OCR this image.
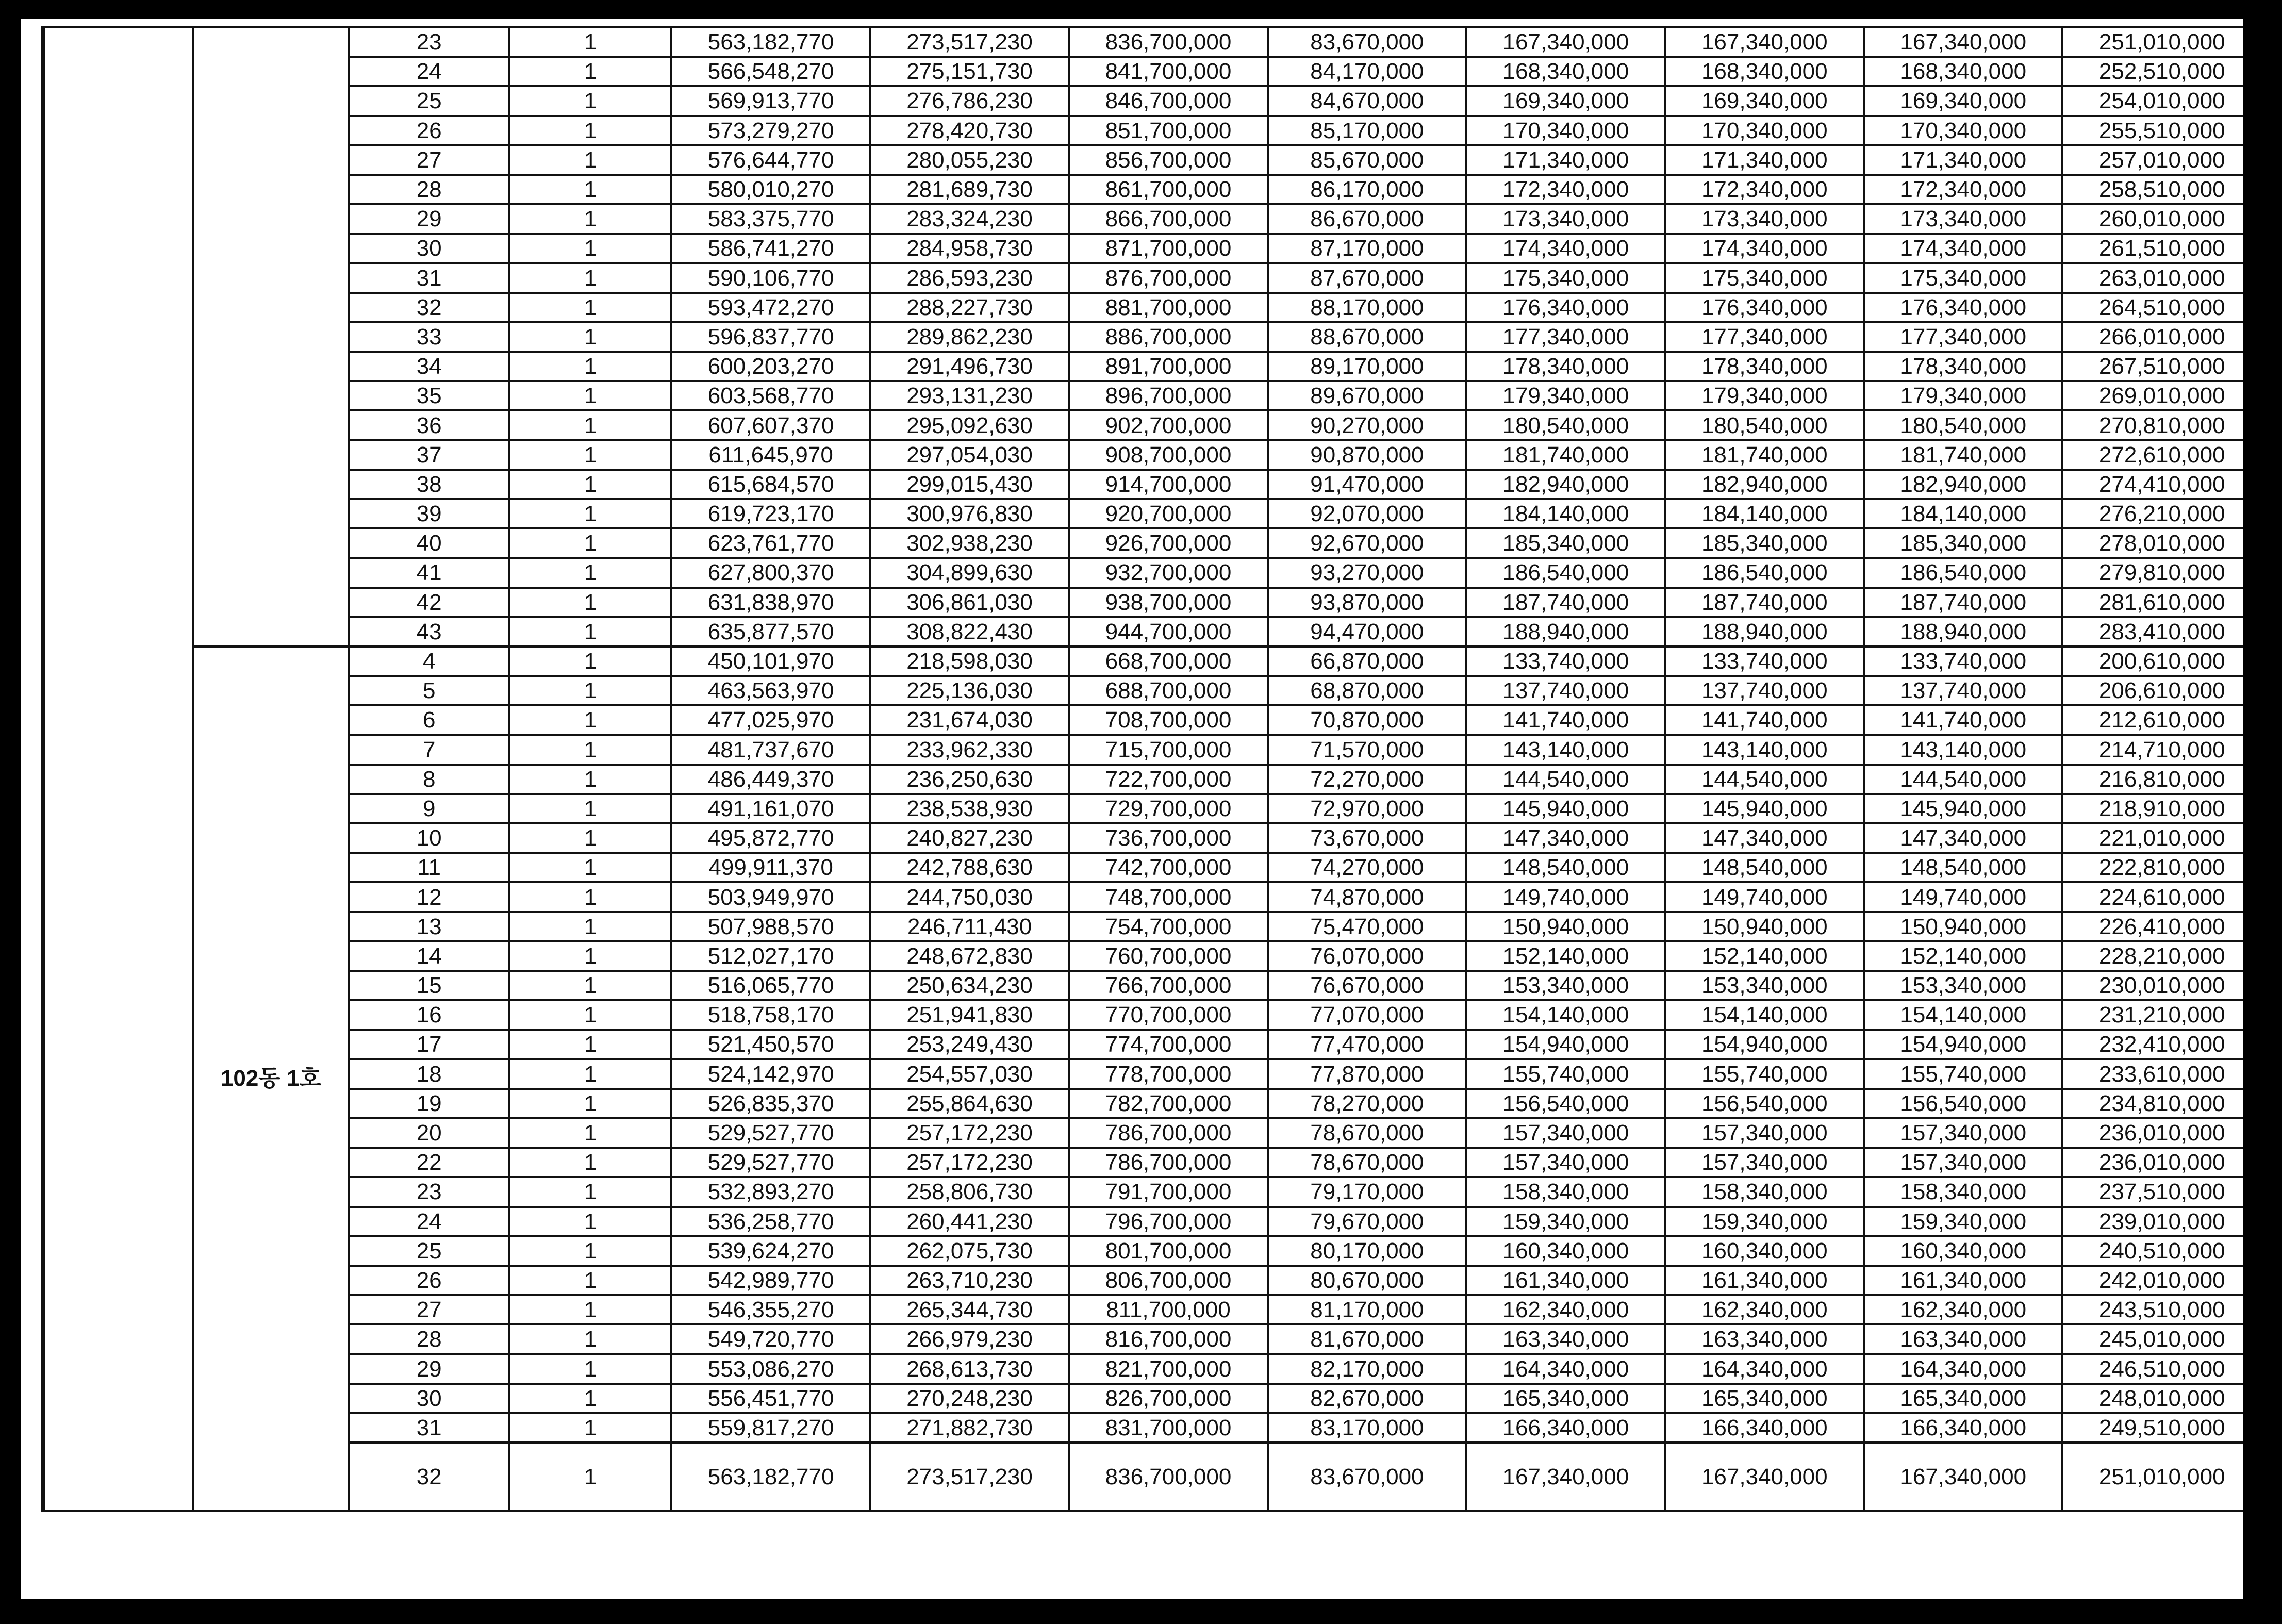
		23	1	563,182,770	273,517,230	836,700,000	83,670,000	167,340,000	167,340,000	167,340,000	251,010,000
		24	1	566,548,270	275,151,730	841,700,000	84,170,000	168,340,000	168,340,000	168,340,000	252,510,000
		25	1	569,913,770	276,786,230	846,700,000	84,670,000	169,340,000	169,340,000	169,340,000	254,010,000
		26	1	573,279,270	278,420,730	851,700,000	85,170,000	170,340,000	170,340,000	170,340,000	255,510,000
		27	1	576,644,770	280,055,230	856,700,000	85,670,000	171,340,000	171,340,000	171,340,000	257,010,000
		28	1	580,010,270	281,689,730	861,700,000	86,170,000	172,340,000	172,340,000	172,340,000	258,510,000
		29	1	583,375,770	283,324,230	866,700,000	86,670,000	173,340,000	173,340,000	173,340,000	260,010,000
		30	1	586,741,270	284,958,730	871,700,000	87,170,000	174,340,000	174,340,000	174,340,000	261,510,000
		31	1	590,106,770	286,593,230	876,700,000	87,670,000	175,340,000	175,340,000	175,340,000	263,010,000
		32	1	593,472,270	288,227,730	881,700,000	88,170,000	176,340,000	176,340,000	176,340,000	264,510,000
		33	1	596,837,770	289,862,230	886,700,000	88,670,000	177,340,000	177,340,000	177,340,000	266,010,000
		34	1	600,203,270	291,496,730	891,700,000	89,170,000	178,340,000	178,340,000	178,340,000	267,510,000
		35	1	603,568,770	293,131,230	896,700,000	89,670,000	179,340,000	179,340,000	179,340,000	269,010,000
		36	1	607,607,370	295,092,630	902,700,000	90,270,000	180,540,000	180,540,000	180,540,000	270,810,000
		37	1	611,645,970	297,054,030	908,700,000	90,870,000	181,740,000	181,740,000	181,740,000	272,610,000
		38	1	615,684,570	299,015,430	914,700,000	91,470,000	182,940,000	182,940,000	182,940,000	274,410,000
		39	1	619,723,170	300,976,830	920,700,000	92,070,000	184,140,000	184,140,000	184,140,000	276,210,000
		40	1	623,761,770	302,938,230	926,700,000	92,670,000	185,340,000	185,340,000	185,340,000	278,010,000
		41	1	627,800,370	304,899,630	932,700,000	93,270,000	186,540,000	186,540,000	186,540,000	279,810,000
		42	1	631,838,970	306,861,030	938,700,000	93,870,000	187,740,000	187,740,000	187,740,000	281,610,000
		43	1	635,877,570	308,822,430	944,700,000	94,470,000	188,940,000	188,940,000	188,940,000	283,410,000
	102동 1호	4	1	450,101,970	218,598,030	668,700,000	66,870,000	133,740,000	133,740,000	133,740,000	200,610,000
		5	1	463,563,970	225,136,030	688,700,000	68,870,000	137,740,000	137,740,000	137,740,000	206,610,000
		6	1	477,025,970	231,674,030	708,700,000	70,870,000	141,740,000	141,740,000	141,740,000	212,610,000
		7	1	481,737,670	233,962,330	715,700,000	71,570,000	143,140,000	143,140,000	143,140,000	214,710,000
		8	1	486,449,370	236,250,630	722,700,000	72,270,000	144,540,000	144,540,000	144,540,000	216,810,000
		9	1	491,161,070	238,538,930	729,700,000	72,970,000	145,940,000	145,940,000	145,940,000	218,910,000
		10	1	495,872,770	240,827,230	736,700,000	73,670,000	147,340,000	147,340,000	147,340,000	221,010,000
		11	1	499,911,370	242,788,630	742,700,000	74,270,000	148,540,000	148,540,000	148,540,000	222,810,000
		12	1	503,949,970	244,750,030	748,700,000	74,870,000	149,740,000	149,740,000	149,740,000	224,610,000
		13	1	507,988,570	246,711,430	754,700,000	75,470,000	150,940,000	150,940,000	150,940,000	226,410,000
		14	1	512,027,170	248,672,830	760,700,000	76,070,000	152,140,000	152,140,000	152,140,000	228,210,000
		15	1	516,065,770	250,634,230	766,700,000	76,670,000	153,340,000	153,340,000	153,340,000	230,010,000
		16	1	518,758,170	251,941,830	770,700,000	77,070,000	154,140,000	154,140,000	154,140,000	231,210,000
		17	1	521,450,570	253,249,430	774,700,000	77,470,000	154,940,000	154,940,000	154,940,000	232,410,000
		18	1	524,142,970	254,557,030	778,700,000	77,870,000	155,740,000	155,740,000	155,740,000	233,610,000
		19	1	526,835,370	255,864,630	782,700,000	78,270,000	156,540,000	156,540,000	156,540,000	234,810,000
		20	1	529,527,770	257,172,230	786,700,000	78,670,000	157,340,000	157,340,000	157,340,000	236,010,000
		22	1	529,527,770	257,172,230	786,700,000	78,670,000	157,340,000	157,340,000	157,340,000	236,010,000
		23	1	532,893,270	258,806,730	791,700,000	79,170,000	158,340,000	158,340,000	158,340,000	237,510,000
		24	1	536,258,770	260,441,230	796,700,000	79,670,000	159,340,000	159,340,000	159,340,000	239,010,000
		25	1	539,624,270	262,075,730	801,700,000	80,170,000	160,340,000	160,340,000	160,340,000	240,510,000
		26	1	542,989,770	263,710,230	806,700,000	80,670,000	161,340,000	161,340,000	161,340,000	242,010,000
		27	1	546,355,270	265,344,730	811,700,000	81,170,000	162,340,000	162,340,000	162,340,000	243,510,000
		28	1	549,720,770	266,979,230	816,700,000	81,670,000	163,340,000	163,340,000	163,340,000	245,010,000
		29	1	553,086,270	268,613,730	821,700,000	82,170,000	164,340,000	164,340,000	164,340,000	246,510,000
		30	1	556,451,770	270,248,230	826,700,000	82,670,000	165,340,000	165,340,000	165,340,000	248,010,000
		31	1	559,817,270	271,882,730	831,700,000	83,170,000	166,340,000	166,340,000	166,340,000	249,510,000
		32	1	563,182,770	273,517,230	836,700,000	83,670,000	167,340,000	167,340,000	167,340,000	251,010,000
